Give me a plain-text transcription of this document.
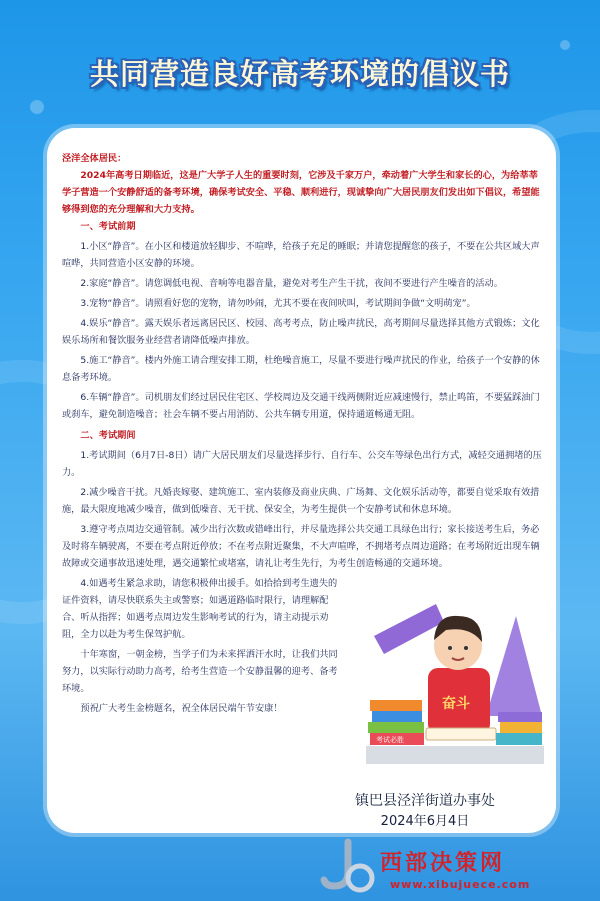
共同营造良好高考环境的倡议书

泾洋全体居民：

2024年高考日期临近，这是广大学子人生的重要时刻，它涉及千家万户，牵动着广大学生和家长的心，为给莘莘学子营造一个安静舒适的备考环境，确保考试安全、平稳、顺利进行，现诚挚向广大居民朋友们发出如下倡议，希望能够得到您的充分理解和大力支持。

一、考试前期

1.小区“静音”。在小区和楼道放轻脚步、不喧哗，给孩子充足的睡眠；并请您提醒您的孩子，不要在公共区域大声喧哗，共同营造小区安静的环境。

2.家庭“静音”。请您调低电视、音响等电器音量，避免对考生产生干扰，夜间不要进行产生噪音的活动。

3.宠物“静音”。请照看好您的宠物，请勿吵闹，尤其不要在夜间吠叫，考试期间争做“文明萌宠”。

4.娱乐“静音”。露天娱乐者远离居民区、校园、高考考点，防止噪声扰民，高考期间尽量选择其他方式锻炼；文化娱乐场所和餐饮服务业经营者请降低噪声排放。

5.施工“静音”。楼内外施工请合理安排工期，杜绝噪音施工，尽量不要进行噪声扰民的作业，给孩子一个安静的休息备考环境。

6.车辆“静音”。司机朋友们经过居民住宅区、学校周边及交通干线两侧附近应减速慢行，禁止鸣笛，不要猛踩油门或刹车，避免制造噪音；社会车辆不要占用消防、公共车辆专用道，保持通道畅通无阻。

二、考试期间

1.考试期间（6月7日-8日）请广大居民朋友们尽量选择步行、自行车、公交车等绿色出行方式，减轻交通拥堵的压力。

2.减少噪音干扰。凡婚丧嫁娶、建筑施工、室内装修及商业庆典、广场舞、文化娱乐活动等，都要自觉采取有效措施，最大限度地减少噪音，做到低噪音、无干扰、保安全，为考生提供一个安静考试和休息环境。

3.遵守考点周边交通管制。减少出行次数或错峰出行，并尽量选择公共交通工具绿色出行；家长接送考生后，务必及时将车辆驶离，不要在考点附近停放；不在考点附近聚集，不大声喧哗，不拥堵考点周边道路；在考场附近出现车辆故障或交通事故迅速处理，遇交通繁忙或堵塞，请礼让考生先行，为考生创造畅通的交通环境。

4.如遇考生紧急求助，请您积极伸出援手。如拾拾到考生遗失的证件资料，请尽快联系失主或警察；如遇道路临时限行，请理解配合、听从指挥；如遇考点周边发生影响考试的行为，请主动提示劝阻，全力以赴为考生保驾护航。

十年寒窗，一朝金榜，当学子们为未来挥洒汗水时，让我们共同努力，以实际行动助力高考，给考生营造一个安静温馨的迎考、备考环境。

预祝广大考生金榜题名，祝全体居民端午节安康！	奋斗
考试必胜
镇巴县泾洋街道办事处
2024年6月4日
西部决策网
www.xibujuece.com
